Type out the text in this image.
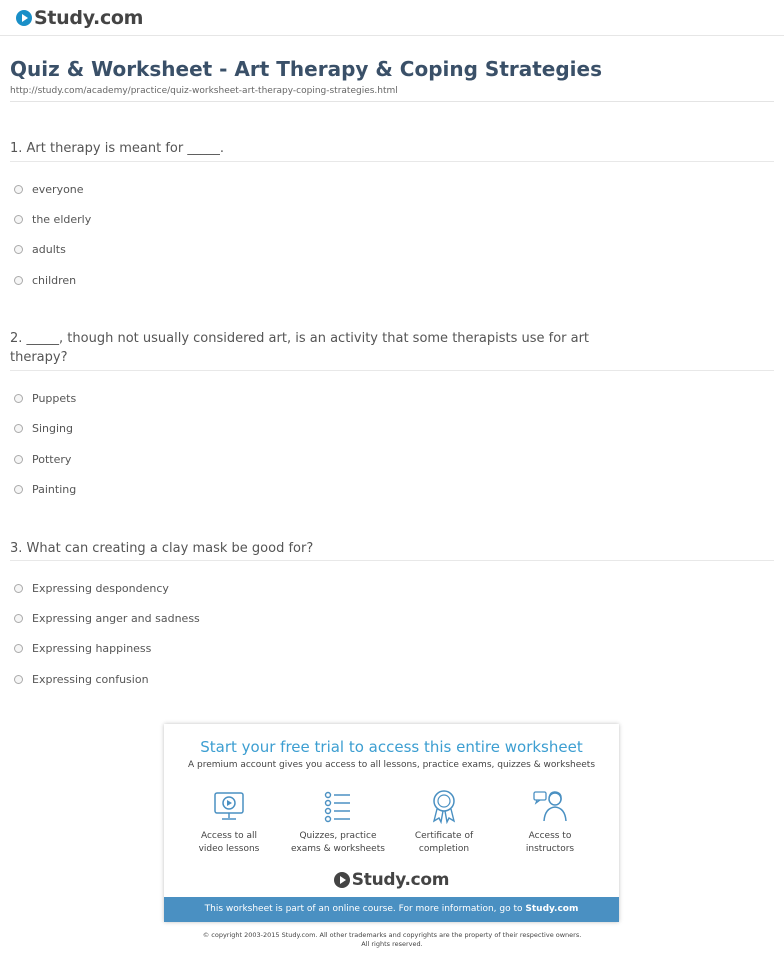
Study.com
Quiz & Worksheet - Art Therapy & Coping Strategies
http://study.com/academy/practice/quiz-worksheet-art-therapy-coping-strategies.html
1. Art therapy is meant for _____.
everyone
the elderly
adults
children
2. _____, though not usually considered art, is an activity that some therapists use for art therapy?
Puppets
Singing
Pottery
Painting
3. What can creating a clay mask be good for?
Expressing despondency
Expressing anger and sadness
Expressing happiness
Expressing confusion
Start your free trial to access this entire worksheet
A premium account gives you access to all lessons, practice exams, quizzes & worksheets
Access to all
video lessons
Quizzes, practice
exams & worksheets
Certificate of
completion
Access to
instructors
Study.com
This worksheet is part of an online course. For more information, go to Study.com
© copyright 2003-2015 Study.com. All other trademarks and copyrights are the property of their respective owners.
All rights reserved.
